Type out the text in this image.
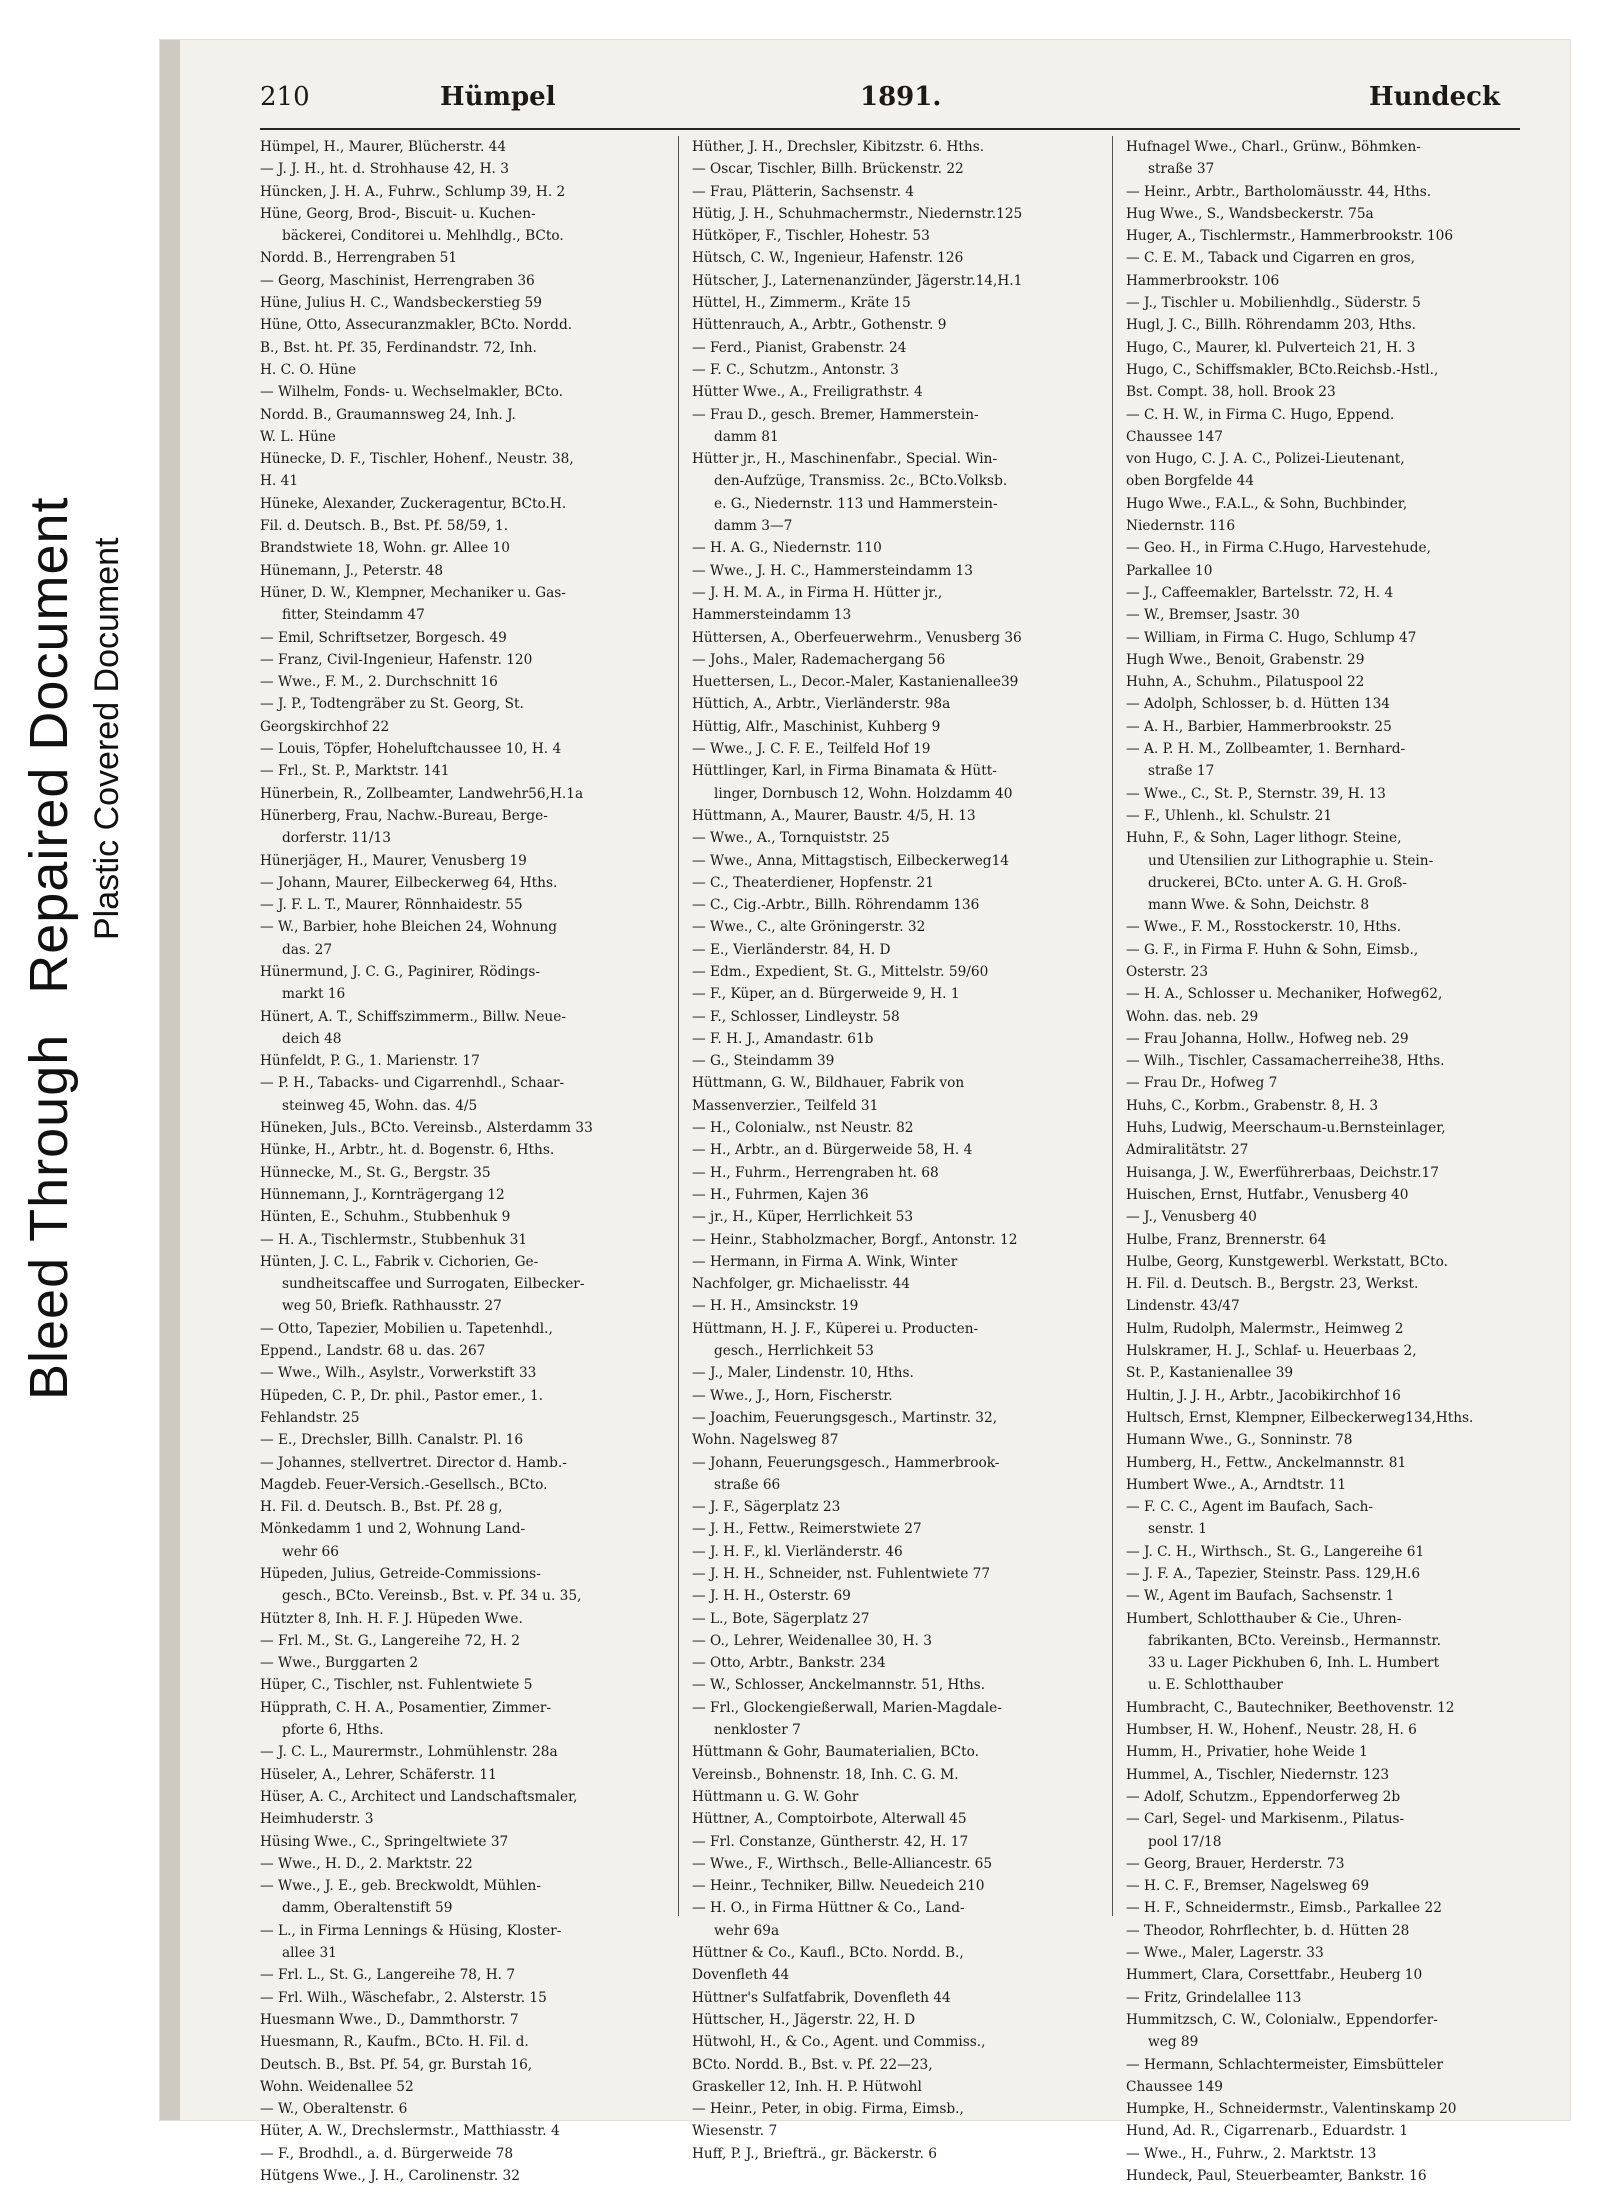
Bleed ThroughRepaired Document Plastic Covered Document
210	Hümpel	1891.	Hundeck
Hümpel, H., Maurer, Blücherstr. 44
— J. J. H., ht. d. Strohhause 42, H. 3
Hüncken, J. H. A., Fuhrw., Schlump 39, H. 2
Hüne, Georg, Brod-, Biscuit- u. Kuchen-
bäckerei, Conditorei u. Mehlhdlg., BCto.
Nordd. B., Herrengraben 51
— Georg, Maschinist, Herrengraben 36
Hüne, Julius H. C., Wandsbeckerstieg 59
Hüne, Otto, Assecuranzmakler, BCto. Nordd.
B., Bst. ht. Pf. 35, Ferdinandstr. 72, Inh.
H. C. O. Hüne
— Wilhelm, Fonds- u. Wechselmakler, BCto.
Nordd. B., Graumannsweg 24, Inh. J.
W. L. Hüne
Hünecke, D. F., Tischler, Hohenf., Neustr. 38,
H. 41
Hüneke, Alexander, Zuckeragentur, BCto.H.
Fil. d. Deutsch. B., Bst. Pf. 58/59, 1.
Brandstwiete 18, Wohn. gr. Allee 10
Hünemann, J., Peterstr. 48
Hüner, D. W., Klempner, Mechaniker u. Gas-
fitter, Steindamm 47
— Emil, Schriftsetzer, Borgesch. 49
— Franz, Civil-Ingenieur, Hafenstr. 120
— Wwe., F. M., 2. Durchschnitt 16
— J. P., Todtengräber zu St. Georg, St.
Georgskirchhof 22
— Louis, Töpfer, Hoheluftchaussee 10, H. 4
— Frl., St. P., Marktstr. 141
Hünerbein, R., Zollbeamter, Landwehr56,H.1a
Hünerberg, Frau, Nachw.-Bureau, Berge-
dorferstr. 11/13
Hünerjäger, H., Maurer, Venusberg 19
— Johann, Maurer, Eilbeckerweg 64, Hths.
— J. F. L. T., Maurer, Rönnhaidestr. 55
— W., Barbier, hohe Bleichen 24, Wohnung
das. 27
Hünermund, J. C. G., Paginirer, Rödings-
markt 16
Hünert, A. T., Schiffszimmerm., Billw. Neue-
deich 48
Hünfeldt, P. G., 1. Marienstr. 17
— P. H., Tabacks- und Cigarrenhdl., Schaar-
steinweg 45, Wohn. das. 4/5
Hüneken, Juls., BCto. Vereinsb., Alsterdamm 33
Hünke, H., Arbtr., ht. d. Bogenstr. 6, Hths.
Hünnecke, M., St. G., Bergstr. 35
Hünnemann, J., Kornträgergang 12
Hünten, E., Schuhm., Stubbenhuk 9
— H. A., Tischlermstr., Stubbenhuk 31
Hünten, J. C. L., Fabrik v. Cichorien, Ge-
sundheitscaffee und Surrogaten, Eilbecker-
weg 50, Briefk. Rathhausstr. 27
— Otto, Tapezier, Mobilien u. Tapetenhdl.,
Eppend., Landstr. 68 u. das. 267
— Wwe., Wilh., Asylstr., Vorwerkstift 33
Hüpeden, C. P., Dr. phil., Pastor emer., 1.
Fehlandstr. 25
— E., Drechsler, Billh. Canalstr. Pl. 16
— Johannes, stellvertret. Director d. Hamb.-
Magdeb. Feuer-Versich.-Gesellsch., BCto.
H. Fil. d. Deutsch. B., Bst. Pf. 28 g,
Mönkedamm 1 und 2, Wohnung Land-
wehr 66
Hüpeden, Julius, Getreide-Commissions-
gesch., BCto. Vereinsb., Bst. v. Pf. 34 u. 35,
Hützter 8, Inh. H. F. J. Hüpeden Wwe.
— Frl. M., St. G., Langereihe 72, H. 2
— Wwe., Burggarten 2
Hüper, C., Tischler, nst. Fuhlentwiete 5
Hüpprath, C. H. A., Posamentier, Zimmer-
pforte 6, Hths.
— J. C. L., Maurermstr., Lohmühlenstr. 28a
Hüseler, A., Lehrer, Schäferstr. 11
Hüser, A. C., Architect und Landschaftsmaler,
Heimhuderstr. 3
Hüsing Wwe., C., Springeltwiete 37
— Wwe., H. D., 2. Marktstr. 22
— Wwe., J. E., geb. Breckwoldt, Mühlen-
damm, Oberaltenstift 59
— L., in Firma Lennings & Hüsing, Kloster-
allee 31
— Frl. L., St. G., Langereihe 78, H. 7
— Frl. Wilh., Wäschefabr., 2. Alsterstr. 15
Huesmann Wwe., D., Dammthorstr. 7
Huesmann, R., Kaufm., BCto. H. Fil. d.
Deutsch. B., Bst. Pf. 54, gr. Burstah 16,
Wohn. Weidenallee 52
— W., Oberaltenstr. 6
Hüter, A. W., Drechslermstr., Matthiasstr. 4
— F., Brodhdl., a. d. Bürgerweide 78
Hütgens Wwe., J. H., Carolinenstr. 32
Hüther, J. H., Drechsler, Kibitzstr. 6. Hths.
— Oscar, Tischler, Billh. Brückenstr. 22
— Frau, Plätterin, Sachsenstr. 4
Hütig, J. H., Schuhmachermstr., Niedernstr.125
Hütköper, F., Tischler, Hohestr. 53
Hütsch, C. W., Ingenieur, Hafenstr. 126
Hütscher, J., Laternenanzünder, Jägerstr.14,H.1
Hüttel, H., Zimmerm., Kräte 15
Hüttenrauch, A., Arbtr., Gothenstr. 9
— Ferd., Pianist, Grabenstr. 24
— F. C., Schutzm., Antonstr. 3
Hütter Wwe., A., Freiligrathstr. 4
— Frau D., gesch. Bremer, Hammerstein-
damm 81
Hütter jr., H., Maschinenfabr., Special. Win-
den-Aufzüge, Transmiss. 2c., BCto.Volksb.
e. G., Niedernstr. 113 und Hammerstein-
damm 3—7
— H. A. G., Niedernstr. 110
— Wwe., J. H. C., Hammersteindamm 13
— J. H. M. A., in Firma H. Hütter jr.,
Hammersteindamm 13
Hüttersen, A., Oberfeuerwehrm., Venusberg 36
— Johs., Maler, Rademachergang 56
Huettersen, L., Decor.-Maler, Kastanienallee39
Hüttich, A., Arbtr., Vierländerstr. 98a
Hüttig, Alfr., Maschinist, Kuhberg 9
— Wwe., J. C. F. E., Teilfeld Hof 19
Hüttlinger, Karl, in Firma Binamata & Hütt-
linger, Dornbusch 12, Wohn. Holzdamm 40
Hüttmann, A., Maurer, Baustr. 4/5, H. 13
— Wwe., A., Tornquiststr. 25
— Wwe., Anna, Mittagstisch, Eilbeckerweg14
— C., Theaterdiener, Hopfenstr. 21
— C., Cig.-Arbtr., Billh. Röhrendamm 136
— Wwe., C., alte Gröningerstr. 32
— E., Vierländerstr. 84, H. D
— Edm., Expedient, St. G., Mittelstr. 59/60
— F., Küper, an d. Bürgerweide 9, H. 1
— F., Schlosser, Lindleystr. 58
— F. H. J., Amandastr. 61b
— G., Steindamm 39
Hüttmann, G. W., Bildhauer, Fabrik von
Massenverzier., Teilfeld 31
— H., Colonialw., nst Neustr. 82
— H., Arbtr., an d. Bürgerweide 58, H. 4
— H., Fuhrm., Herrengraben ht. 68
— H., Fuhrmen, Kajen 36
— jr., H., Küper, Herrlichkeit 53
— Heinr., Stabholzmacher, Borgf., Antonstr. 12
— Hermann, in Firma A. Wink, Winter
Nachfolger, gr. Michaelisstr. 44
— H. H., Amsinckstr. 19
Hüttmann, H. J. F., Küperei u. Producten-
gesch., Herrlichkeit 53
— J., Maler, Lindenstr. 10, Hths.
— Wwe., J., Horn, Fischerstr.
— Joachim, Feuerungsgesch., Martinstr. 32,
Wohn. Nagelsweg 87
— Johann, Feuerungsgesch., Hammerbrook-
straße 66
— J. F., Sägerplatz 23
— J. H., Fettw., Reimerstwiete 27
— J. H. F., kl. Vierländerstr. 46
— J. H. H., Schneider, nst. Fuhlentwiete 77
— J. H. H., Osterstr. 69
— L., Bote, Sägerplatz 27
— O., Lehrer, Weidenallee 30, H. 3
— Otto, Arbtr., Bankstr. 234
— W., Schlosser, Anckelmannstr. 51, Hths.
— Frl., Glockengießerwall, Marien-Magdale-
nenkloster 7
Hüttmann & Gohr, Baumaterialien, BCto.
Vereinsb., Bohnenstr. 18, Inh. C. G. M.
Hüttmann u. G. W. Gohr
Hüttner, A., Comptoirbote, Alterwall 45
— Frl. Constanze, Güntherstr. 42, H. 17
— Wwe., F., Wirthsch., Belle-Alliancestr. 65
— Heinr., Techniker, Billw. Neuedeich 210
— H. O., in Firma Hüttner & Co., Land-
wehr 69a
Hüttner & Co., Kaufl., BCto. Nordd. B.,
Dovenfleth 44
Hüttner's Sulfatfabrik, Dovenfleth 44
Hüttscher, H., Jägerstr. 22, H. D
Hütwohl, H., & Co., Agent. und Commiss.,
BCto. Nordd. B., Bst. v. Pf. 22—23,
Graskeller 12, Inh. H. P. Hütwohl
— Heinr., Peter, in obig. Firma, Eimsb.,
Wiesenstr. 7
Huff, P. J., Briefträ., gr. Bäckerstr. 6
Hufnagel Wwe., Charl., Grünw., Böhmken-
straße 37
— Heinr., Arbtr., Bartholomäusstr. 44, Hths.
Hug Wwe., S., Wandsbeckerstr. 75a
Huger, A., Tischlermstr., Hammerbrookstr. 106
— C. E. M., Taback und Cigarren en gros,
Hammerbrookstr. 106
— J., Tischler u. Mobilienhdlg., Süderstr. 5
Hugl, J. C., Billh. Röhrendamm 203, Hths.
Hugo, C., Maurer, kl. Pulverteich 21, H. 3
Hugo, C., Schiffsmakler, BCto.Reichsb.-Hstl.,
Bst. Compt. 38, holl. Brook 23
— C. H. W., in Firma C. Hugo, Eppend.
Chaussee 147
von Hugo, C. J. A. C., Polizei-Lieutenant,
oben Borgfelde 44
Hugo Wwe., F.A.L., & Sohn, Buchbinder,
Niedernstr. 116
— Geo. H., in Firma C.Hugo, Harvestehude,
Parkallee 10
— J., Caffeemakler, Bartelsstr. 72, H. 4
— W., Bremser, Jsastr. 30
— William, in Firma C. Hugo, Schlump 47
Hugh Wwe., Benoit, Grabenstr. 29
Huhn, A., Schuhm., Pilatuspool 22
— Adolph, Schlosser, b. d. Hütten 134
— A. H., Barbier, Hammerbrookstr. 25
— A. P. H. M., Zollbeamter, 1. Bernhard-
straße 17
— Wwe., C., St. P., Sternstr. 39, H. 13
— F., Uhlenh., kl. Schulstr. 21
Huhn, F., & Sohn, Lager lithogr. Steine,
und Utensilien zur Lithographie u. Stein-
druckerei, BCto. unter A. G. H. Groß-
mann Wwe. & Sohn, Deichstr. 8
— Wwe., F. M., Rosstockerstr. 10, Hths.
— G. F., in Firma F. Huhn & Sohn, Eimsb.,
Osterstr. 23
— H. A., Schlosser u. Mechaniker, Hofweg62,
Wohn. das. neb. 29
— Frau Johanna, Hollw., Hofweg neb. 29
— Wilh., Tischler, Cassamacherreihe38, Hths.
— Frau Dr., Hofweg 7
Huhs, C., Korbm., Grabenstr. 8, H. 3
Huhs, Ludwig, Meerschaum-u.Bernsteinlager,
Admiralitätstr. 27
Huisanga, J. W., Ewerführerbaas, Deichstr.17
Huischen, Ernst, Hutfabr., Venusberg 40
— J., Venusberg 40
Hulbe, Franz, Brennerstr. 64
Hulbe, Georg, Kunstgewerbl. Werkstatt, BCto.
H. Fil. d. Deutsch. B., Bergstr. 23, Werkst.
Lindenstr. 43/47
Hulm, Rudolph, Malermstr., Heimweg 2
Hulskramer, H. J., Schlaf- u. Heuerbaas 2,
St. P., Kastanienallee 39
Hultin, J. J. H., Arbtr., Jacobikirchhof 16
Hultsch, Ernst, Klempner, Eilbeckerweg134,Hths.
Humann Wwe., G., Sonninstr. 78
Humberg, H., Fettw., Anckelmannstr. 81
Humbert Wwe., A., Arndtstr. 11
— F. C. C., Agent im Baufach, Sach-
senstr. 1
— J. C. H., Wirthsch., St. G., Langereihe 61
— J. F. A., Tapezier, Steinstr. Pass. 129,H.6
— W., Agent im Baufach, Sachsenstr. 1
Humbert, Schlotthauber & Cie., Uhren-
fabrikanten, BCto. Vereinsb., Hermannstr.
33 u. Lager Pickhuben 6, Inh. L. Humbert
u. E. Schlotthauber
Humbracht, C., Bautechniker, Beethovenstr. 12
Humbser, H. W., Hohenf., Neustr. 28, H. 6
Humm, H., Privatier, hohe Weide 1
Hummel, A., Tischler, Niedernstr. 123
— Adolf, Schutzm., Eppendorferweg 2b
— Carl, Segel- und Markisenm., Pilatus-
pool 17/18
— Georg, Brauer, Herderstr. 73
— H. C. F., Bremser, Nagelsweg 69
— H. F., Schneidermstr., Eimsb., Parkallee 22
— Theodor, Rohrflechter, b. d. Hütten 28
— Wwe., Maler, Lagerstr. 33
Hummert, Clara, Corsettfabr., Heuberg 10
— Fritz, Grindelallee 113
Hummitzsch, C. W., Colonialw., Eppendorfer-
weg 89
— Hermann, Schlachtermeister, Eimsbütteler
Chaussee 149
Humpke, H., Schneidermstr., Valentinskamp 20
Hund, Ad. R., Cigarrenarb., Eduardstr. 1
— Wwe., H., Fuhrw., 2. Marktstr. 13
Hundeck, Paul, Steuerbeamter, Bankstr. 16
